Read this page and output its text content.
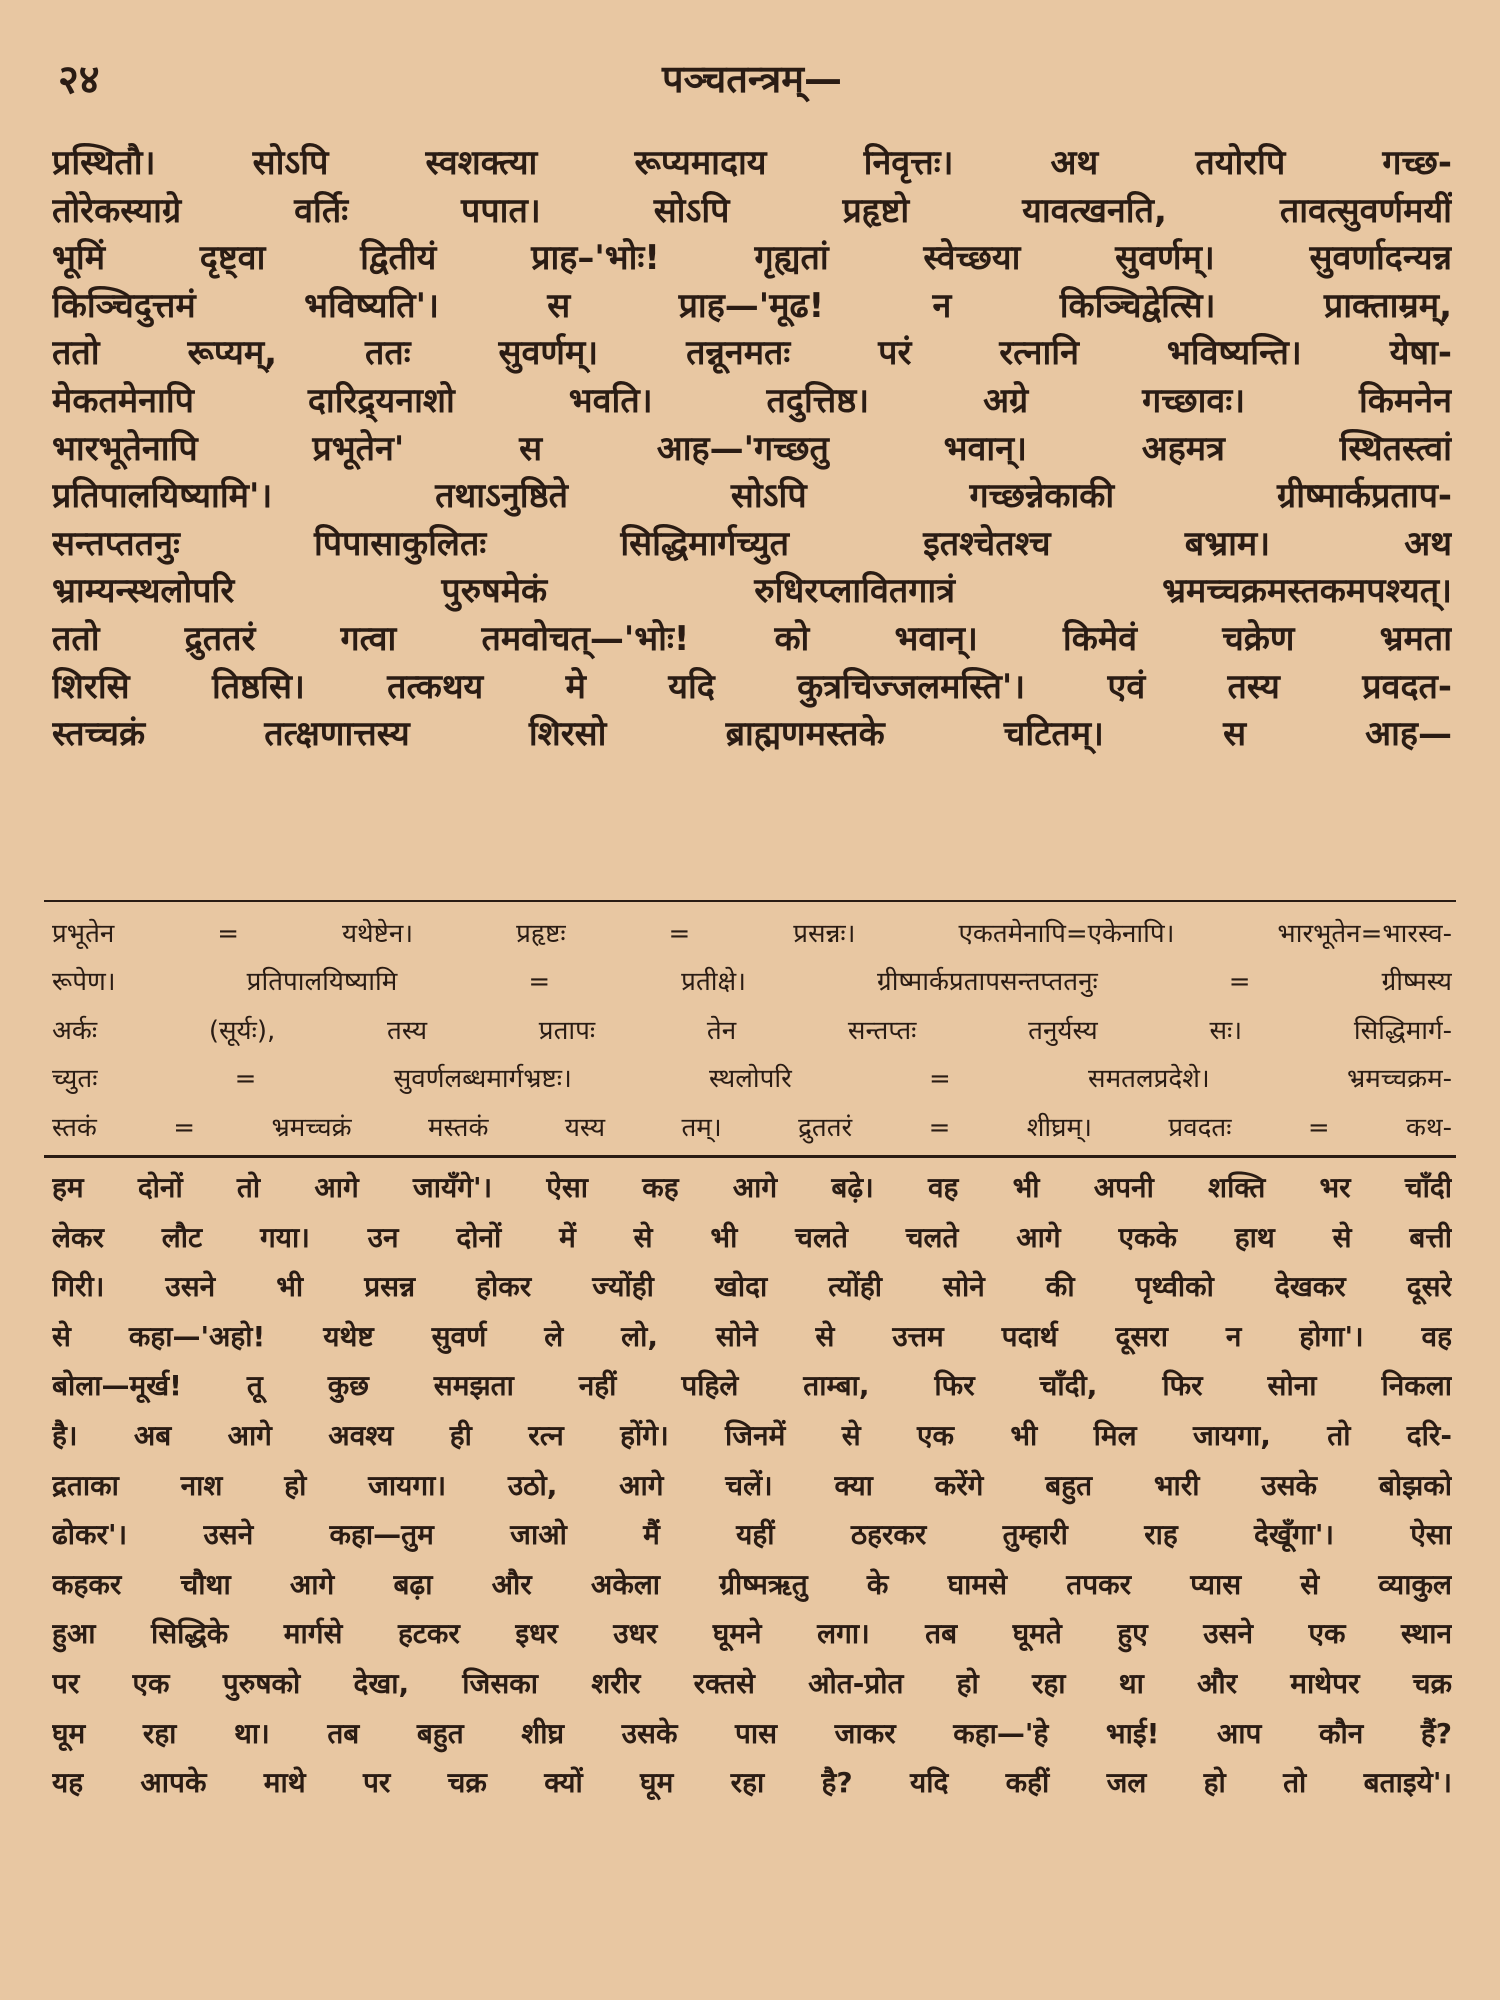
२४	पञ्चतन्त्रम्—
प्रस्थितौ। सोऽपि स्वशक्त्या रूप्यमादाय निवृत्तः। अथ तयोरपि गच्छ-
तोरेकस्याग्रे वर्तिः पपात। सोऽपि प्रहृष्टो यावत्खनति, तावत्सुवर्णमयीं
भूमिं दृष्ट्वा द्वितीयं प्राह–'भोः! गृह्यतां स्वेच्छया सुवर्णम्। सुवर्णादन्यन्न
किञ्चिदुत्तमं भविष्यति'। स प्राह—'मूढ! न किञ्चिद्वेत्सि। प्राक्ताम्रम्,
ततो रूप्यम्, ततः सुवर्णम्। तन्नूनमतः परं रत्नानि भविष्यन्ति। येषा-
मेकतमेनापि दारिद्र्यनाशो भवति। तदुत्तिष्ठ। अग्रे गच्छावः। किमनेन
भारभूतेनापि प्रभूतेन' स आह—'गच्छतु भवान्। अहमत्र स्थितस्त्वां
प्रतिपालयिष्यामि'। तथाऽनुष्ठिते सोऽपि गच्छन्नेकाकी ग्रीष्मार्कप्रताप-
सन्तप्ततनुः पिपासाकुलितः सिद्धिमार्गच्युत इतश्चेतश्च बभ्राम। अथ
भ्राम्यन्स्थलोपरि पुरुषमेकं रुधिरप्लावितगात्रं भ्रमच्चक्रमस्तकमपश्यत्।
ततो द्रुततरं गत्वा तमवोचत्—'भोः! को भवान्। किमेवं चक्रेण भ्रमता
शिरसि तिष्ठसि। तत्कथय मे यदि कुत्रचिज्जलमस्ति'। एवं तस्य प्रवदत-
स्तच्चक्रं तत्क्षणात्तस्य शिरसो ब्राह्मणमस्तके चटितम्। स आह—
प्रभूतेन = यथेष्टेन। प्रहृष्टः = प्रसन्नः। एकतमेनापि=एकेनापि। भारभूतेन=भारस्व-
रूपेण। प्रतिपालयिष्यामि = प्रतीक्षे। ग्रीष्मार्कप्रतापसन्तप्ततनुः = ग्रीष्मस्य
अर्कः (सूर्यः), तस्य प्रतापः तेन सन्तप्तः तनुर्यस्य सः। सिद्धिमार्ग-
च्युतः = सुवर्णलब्धमार्गभ्रष्टः। स्थलोपरि = समतलप्रदेशे। भ्रमच्चक्रम-
स्तकं = भ्रमच्चक्रं मस्तकं यस्य तम्। द्रुततरं = शीघ्रम्। प्रवदतः = कथ-
हम दोनों तो आगे जायँगे'। ऐसा कह आगे बढ़े। वह भी अपनी शक्ति भर चाँदी
लेकर लौट गया। उन दोनों में से भी चलते चलते आगे एकके हाथ से बत्ती
गिरी। उसने भी प्रसन्न होकर ज्योंही खोदा त्योंही सोने की पृथ्वीको देखकर दूसरे
से कहा—'अहो! यथेष्ट सुवर्ण ले लो, सोने से उत्तम पदार्थ दूसरा न होगा'। वह
बोला—मूर्ख! तू कुछ समझता नहीं पहिले ताम्बा, फिर चाँदी, फिर सोना निकला
है। अब आगे अवश्य ही रत्न होंगे। जिनमें से एक भी मिल जायगा, तो दरि-
द्रताका नाश हो जायगा। उठो, आगे चलें। क्या करेंगे बहुत भारी उसके बोझको
ढोकर'। उसने कहा—तुम जाओ मैं यहीं ठहरकर तुम्हारी राह देखूँगा'। ऐसा
कहकर चौथा आगे बढ़ा और अकेला ग्रीष्मऋतु के घामसे तपकर प्यास से व्याकुल
हुआ सिद्धिके मार्गसे हटकर इधर उधर घूमने लगा। तब घूमते हुए उसने एक स्थान
पर एक पुरुषको देखा, जिसका शरीर रक्तसे ओत-प्रोत हो रहा था और माथेपर चक्र
घूम रहा था। तब बहुत शीघ्र उसके पास जाकर कहा—'हे भाई! आप कौन हैं?
यह आपके माथे पर चक्र क्यों घूम रहा है? यदि कहीं जल हो तो बताइये'।
